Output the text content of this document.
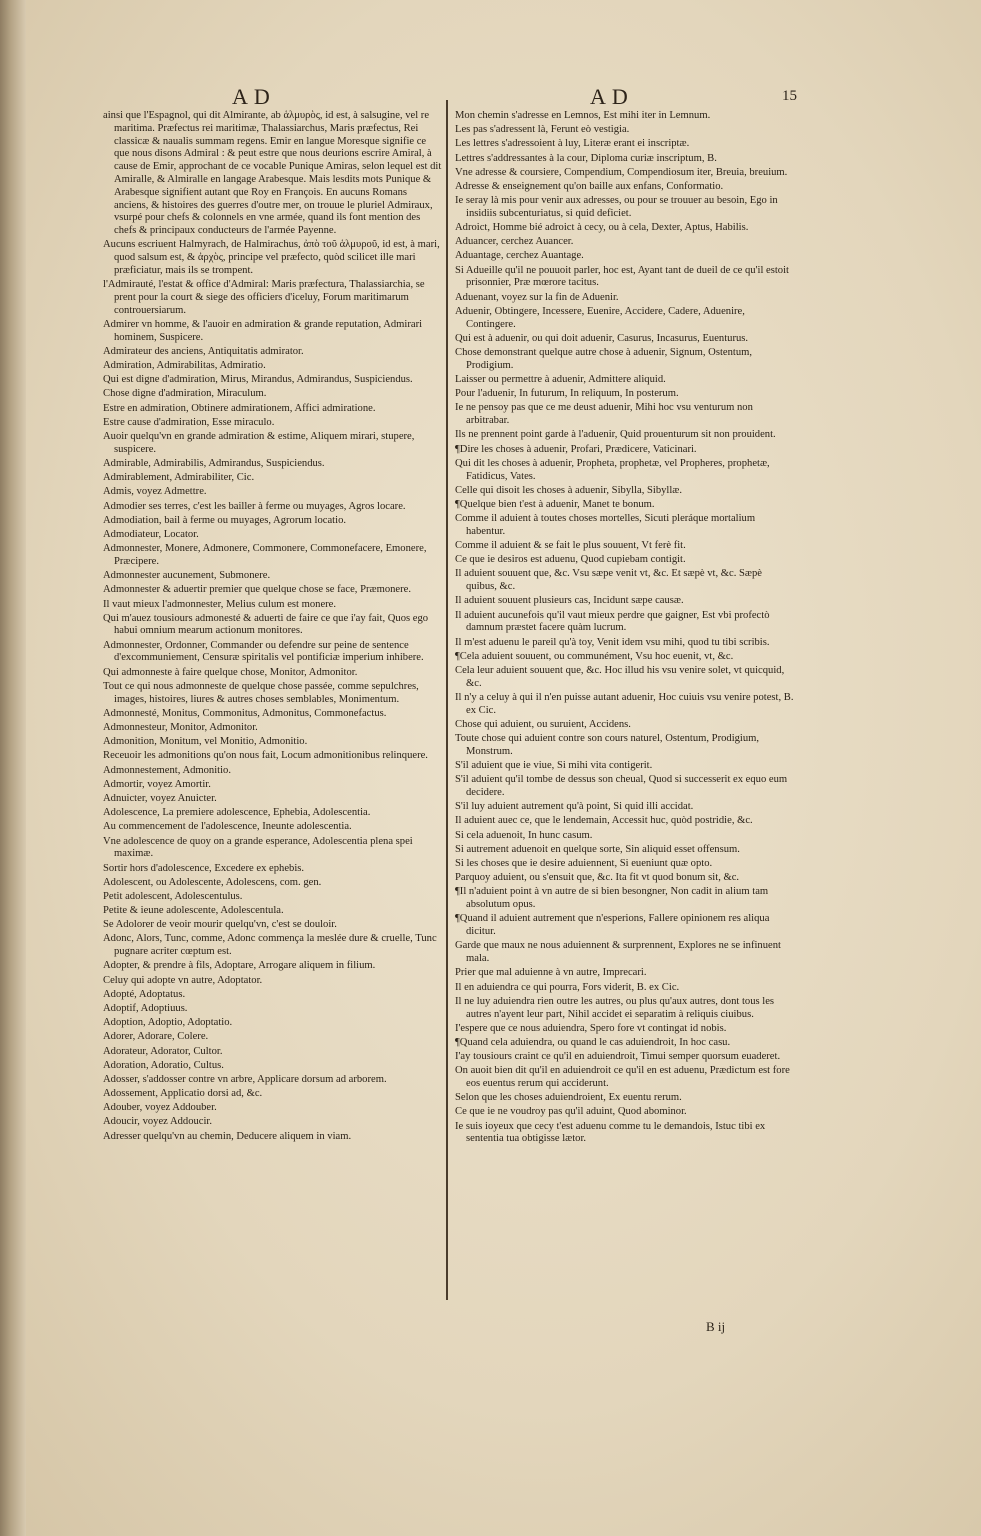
AD	AD	15

ainsi que l'Espagnol, qui dit Almirante, ab ἁλμυρὸς, id est, à salsugine, vel re maritima. Præfectus rei maritimæ, Thalassiarchus, Maris præfectus, Rei classicæ & naualis summam regens. Emir en langue Moresque signifie ce que nous disons Admiral : & peut estre que nous deurions escrire Amiral, à cause de Emir, approchant de ce vocable Punique Amiras, selon lequel est dit Amiralle, & Almiralle en langage Arabesque. Mais lesdits mots Punique & Arabesque signifient autant que Roy en François. En aucuns Romans anciens, & histoires des guerres d'outre mer, on trouue le pluriel Admiraux, vsurpé pour chefs & colonnels en vne armée, quand ils font mention des chefs & principaux conducteurs de l'armée Payenne.

Aucuns escriuent Halmyrach, de Halmirachus, ἀπὸ τοῦ ἁλμυροῦ, id est, à mari, quod salsum est, & ἀρχὸς, principe vel præfecto, quòd scilicet ille mari præficiatur, mais ils se trompent.

l'Admirauté, l'estat & office d'Admiral: Maris præfectura, Thalassiarchia, se prent pour la court & siege des officiers d'iceluy, Forum maritimarum controuersiarum.

Admirer vn homme, & l'auoir en admiration & grande reputation, Admirari hominem, Suspicere.

Admirateur des anciens, Antiquitatis admirator.

Admiration, Admirabilitas, Admiratio.

Qui est digne d'admiration, Mirus, Mirandus, Admirandus, Suspiciendus.

Chose digne d'admiration, Miraculum.

Estre en admiration, Obtinere admirationem, Affici admiratione.

Estre cause d'admiration, Esse miraculo.

Auoir quelqu'vn en grande admiration & estime, Aliquem mirari, stupere, suspicere.

Admirable, Admirabilis, Admirandus, Suspiciendus.

Admirablement, Admirabiliter, Cic.

Admis, voyez Admettre.

Admodier ses terres, c'est les bailler à ferme ou muyages, Agros locare.

Admodiation, bail à ferme ou muyages, Agrorum locatio.

Admodiateur, Locator.

Admonnester, Monere, Admonere, Commonere, Commonefacere, Emonere, Præcipere.

Admonnester aucunement, Submonere.

Admonnester & aduertir premier que quelque chose se face, Præmonere.

Il vaut mieux l'admonnester, Melius culum est monere.

Qui m'auez tousiours admonesté & aduerti de faire ce que i'ay fait, Quos ego habui omnium mearum actionum monitores.

Admonnester, Ordonner, Commander ou defendre sur peine de sentence d'excommuniement, Censuræ spiritalis vel pontificiæ imperium inhibere.

Qui admonneste à faire quelque chose, Monitor, Admonitor.

Tout ce qui nous admonneste de quelque chose passée, comme sepulchres, images, histoires, liures & autres choses semblables, Monimentum.

Admonnesté, Monitus, Commonitus, Admonitus, Commonefactus.

Admonnesteur, Monitor, Admonitor.

Admonition, Monitum, vel Monitio, Admonitio.

Receuoir les admonitions qu'on nous fait, Locum admonitionibus relinquere.

Admonnestement, Admonitio.

Admortir, voyez Amortir.

Adnuicter, voyez Anuicter.

Adolescence, La premiere adolescence, Ephebia, Adolescentia.

Au commencement de l'adolescence, Ineunte adolescentia.

Vne adolescence de quoy on a grande esperance, Adolescentia plena spei maximæ.

Sortir hors d'adolescence, Excedere ex ephebis.

Adolescent, ou Adolescente, Adolescens, com. gen.

Petit adolescent, Adolescentulus.

Petite & ieune adolescente, Adolescentula.

Se Adolorer de veoir mourir quelqu'vn, c'est se douloir.

Adonc, Alors, Tunc, comme, Adonc commença la meslée dure & cruelle, Tunc pugnare acriter cœptum est.

Adopter, & prendre à fils, Adoptare, Arrogare aliquem in filium.

Celuy qui adopte vn autre, Adoptator.

Adopté, Adoptatus.

Adoptif, Adoptiuus.

Adoption, Adoptio, Adoptatio.

Adorer, Adorare, Colere.

Adorateur, Adorator, Cultor.

Adoration, Adoratio, Cultus.

Adosser, s'addosser contre vn arbre, Applicare dorsum ad arborem.

Adossement, Applicatio dorsi ad, &c.

Adouber, voyez Addouber.

Adoucir, voyez Addoucir.

Adresser quelqu'vn au chemin, Deducere aliquem in viam.

Mon chemin s'adresse en Lemnos, Est mihi iter in Lemnum.

Les pas s'adressent là, Ferunt eò vestigia.

Les lettres s'adressoient à luy, Literæ erant ei inscriptæ.

Lettres s'addressantes à la cour, Diploma curiæ inscriptum, B.

Vne adresse & coursiere, Compendium, Compendiosum iter, Breuia, breuium.

Adresse & enseignement qu'on baille aux enfans, Conformatio.

Ie seray là mis pour venir aux adresses, ou pour se trouuer au besoin, Ego in insidiis subcenturiatus, si quid deficiet.

Adroict, Homme bié adroict à cecy, ou à cela, Dexter, Aptus, Habilis.

Aduancer, cerchez Auancer.

Aduantage, cerchez Auantage.

Si Adueille qu'il ne pouuoit parler, hoc est, Ayant tant de dueil de ce qu'il estoit prisonnier, Præ mœrore tacitus.

Aduenant, voyez sur la fin de Aduenir.

Aduenir, Obtingere, Incessere, Euenire, Accidere, Cadere, Aduenire, Contingere.

Qui est à aduenir, ou qui doit aduenir, Casurus, Incasurus, Euenturus.

Chose demonstrant quelque autre chose à aduenir, Signum, Ostentum, Prodigium.

Laisser ou permettre à aduenir, Admittere aliquid.

Pour l'aduenir, In futurum, In reliquum, In posterum.

Ie ne pensoy pas que ce me deust aduenir, Mihi hoc vsu venturum non arbitrabar.

Ils ne prennent point garde à l'aduenir, Quid prouenturum sit non prouident.

¶Dire les choses à aduenir, Profari, Prædicere, Vaticinari.

Qui dit les choses à aduenir, Propheta, prophetæ, vel Propheres, prophetæ, Fatidicus, Vates.

Celle qui disoit les choses à aduenir, Sibylla, Sibyllæ.

¶Quelque bien t'est à aduenir, Manet te bonum.

Comme il aduient à toutes choses mortelles, Sicuti pleráque mortalium habentur.

Comme il aduient & se fait le plus souuent, Vt ferè fit.

Ce que ie desiros est aduenu, Quod cupiebam contigit.

Il aduient souuent que, &c. Vsu sæpe venit vt, &c. Et sæpè vt, &c. Sæpè quibus, &c.

Il aduient souuent plusieurs cas, Incidunt sæpe causæ.

Il aduient aucunefois qu'il vaut mieux perdre que gaigner, Est vbi profectò damnum præstet facere quàm lucrum.

Il m'est aduenu le pareil qu'à toy, Venit idem vsu mihi, quod tu tibi scribis.

¶Cela aduient souuent, ou communément, Vsu hoc euenit, vt, &c.

Cela leur aduient souuent que, &c. Hoc illud his vsu venire solet, vt quicquid, &c.

Il n'y a celuy à qui il n'en puisse autant aduenir, Hoc cuiuis vsu venire potest, B. ex Cic.

Chose qui aduient, ou suruient, Accidens.

Toute chose qui aduient contre son cours naturel, Ostentum, Prodigium, Monstrum.

S'il aduient que ie viue, Si mihi vita contigerit.

S'il aduient qu'il tombe de dessus son cheual, Quod si successerit ex equo eum decidere.

S'il luy aduient autrement qu'à point, Si quid illi accidat.

Il aduient auec ce, que le lendemain, Accessit huc, quòd postridie, &c.

Si cela aduenoit, In hunc casum.

Si autrement aduenoit en quelque sorte, Sin aliquid esset offensum.

Si les choses que ie desire aduiennent, Si eueniunt quæ opto.

Parquoy aduient, ou s'ensuit que, &c. Ita fit vt quod bonum sit, &c.

¶Il n'aduient point à vn autre de si bien besongner, Non cadit in alium tam absolutum opus.

¶Quand il aduient autrement que n'esperions, Fallere opinionem res aliqua dicitur.

Garde que maux ne nous aduiennent & surprennent, Explores ne se infinuent mala.

Prier que mal aduienne à vn autre, Imprecari.

Il en aduiendra ce qui pourra, Fors viderit, B. ex Cic.

Il ne luy aduiendra rien outre les autres, ou plus qu'aux autres, dont tous les autres n'ayent leur part, Nihil accidet ei separatim à reliquis ciuibus.

I'espere que ce nous aduiendra, Spero fore vt contingat id nobis.

¶Quand cela aduiendra, ou quand le cas aduiendroit, In hoc casu.

I'ay tousiours craint ce qu'il en aduiendroit, Timui semper quorsum euaderet.

On auoit bien dit qu'il en aduiendroit ce qu'il en est aduenu, Prædictum est fore eos euentus rerum qui acciderunt.

Selon que les choses aduiendroient, Ex euentu rerum.

Ce que ie ne voudroy pas qu'il aduint, Quod abominor.

Ie suis ioyeux que cecy t'est aduenu comme tu le demandois, Istuc tibi ex sententia tua obtigisse lætor.

B ij
